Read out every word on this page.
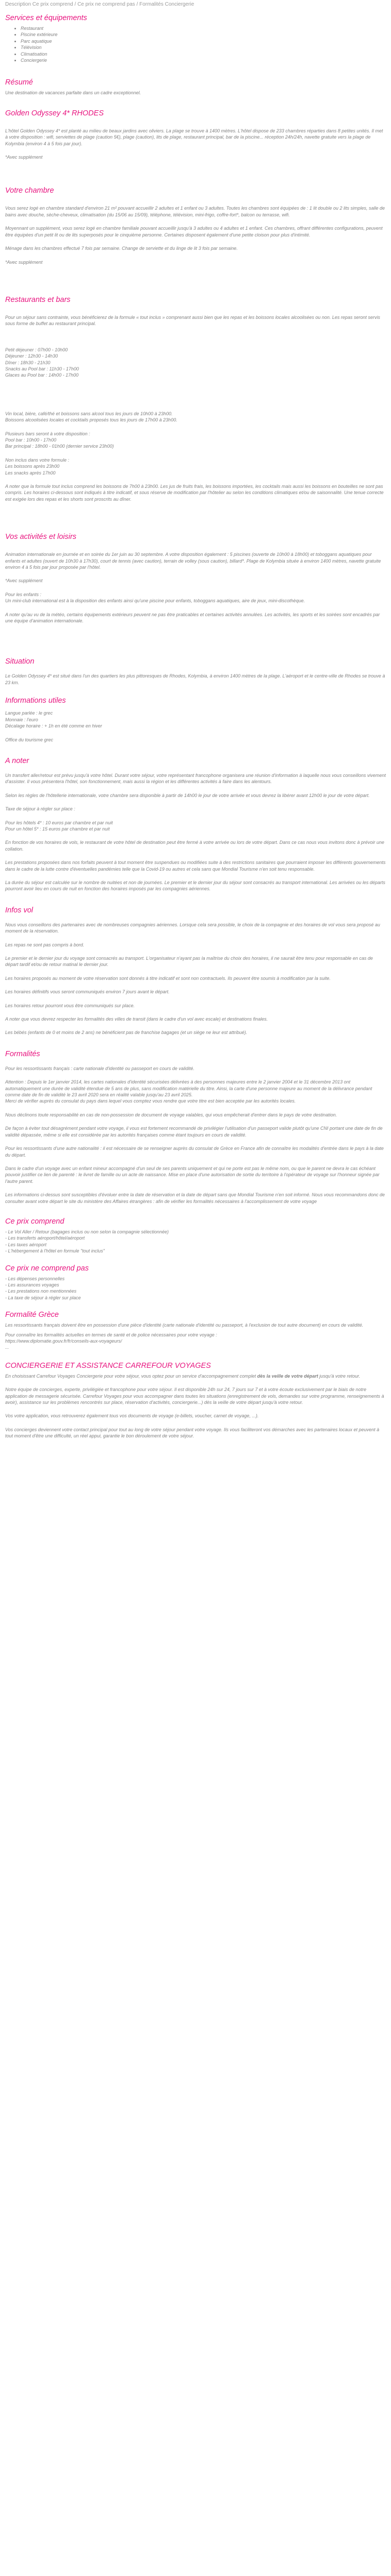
Description Ce prix comprend / Ce prix ne comprend pas / Formalités Conciergerie
Services et équipements
• Restaurant
• Piscine extérieure
• Parc aquatique
• Télévision
• Climatisation
• Conciergerie
Résumé

Une destination de vacances parfaite dans un cadre exceptionnel.

Golden Odyssey 4* RHODES

L'hôtel Golden Odyssey 4* est planté au milieu de beaux jardins avec oliviers. La plage se trouve à 1400 mètres. L'hôtel dispose de 233 chambres réparties dans 8 petites unités. Il met à votre disposition : wifi, serviettes de plage (caution 5€), plage (caution), lits de plage, restaurant principal, bar de la piscine... réception 24h/24h, navette gratuite vers la plage de Kolymbia (environ 4 à 5 fois par jour).

*Avec supplément

Votre chambre

Vous serez logé en chambre standard d'environ 21 m² pouvant accueillir 2 adultes et 1 enfant ou 3 adultes. Toutes les chambres sont équipées de : 1 lit double ou 2 lits simples, salle de bains avec douche, sèche-cheveux, climatisation (du 15/06 au 15/09), téléphone, télévision, mini-frigo, coffre-fort*, balcon ou terrasse, wifi.

Moyennant un supplément, vous serez logé en chambre familiale pouvant accueillir jusqu'à 3 adultes ou 4 adultes et 1 enfant. Ces chambres, offrant différentes configurations, peuvent être équipées d'un petit lit ou de lits superposés pour le cinquième personne. Certaines disposent également d'une petite cloison pour plus d'intimité.

Ménage dans les chambres effectué 7 fois par semaine. Change de serviette et du linge de lit 3 fois par semaine.

*Avec supplément

Restaurants et bars

Pour un séjour sans contrainte, vous bénéficierez de la formule « tout inclus » comprenant aussi bien que les repas et les boissons locales alcoolisées ou non. Les repas seront servis sous forme de buffet au restaurant principal.

Petit déjeuner : 07h00 - 10h00

Déjeuner : 12h30 - 14h30

Dîner : 18h30 - 21h30

Snacks au Pool bar : 11h30 - 17h00

Glaces au Pool bar : 14h00 - 17h00

Vin local, bière, café/thé et boissons sans alcool tous les jours de 10h00 à 23h00.

Boissons alcoolisées locales et cocktails proposés tous les jours de 17h00 à 23h00.

Plusieurs bars seront à votre disposition :

Pool bar : 10h00 - 17h00

Bar principal : 18h00 - 01h00 (dernier service 23h00)

Non inclus dans votre formule :

Les boissons après 23h00

Les snacks après 17h00

A noter que la formule tout inclus comprend les boissons de 7h00 à 23h00. Les jus de fruits frais, les boissons importées, les cocktails mais aussi les boissons en bouteilles ne sont pas compris. Les horaires ci-dessous sont indiqués à titre indicatif, et sous réserve de modification par l'hôtelier au selon les conditions climatiques et/ou de saisonnalité. Une tenue correcte est exigée lors des repas et les shorts sont proscrits au dîner.

Vos activités et loisirs

Animation internationale en journée et en soirée du 1er juin au 30 septembre. A votre disposition également : 5 piscines (ouverte de 10h00 à 18h00) et toboggans aquatiques pour enfants et adultes (ouvert de 10h30 à 17h30), court de tennis (avec caution), terrain de volley (sous caution), billard*. Plage de Kolymbia située à environ 1400 mètres, navette gratuite environ 4 à 5 fois par jour proposée par l'hôtel.

*Avec supplément

Pour les enfants :

Un mini-club international est à la disposition des enfants ainsi qu'une piscine pour enfants, toboggans aquatiques, aire de jeux, mini-discothèque.

A noter qu'au vu de la météo, certains équipements extérieurs peuvent ne pas être praticables et certaines activités annulées. Les activités, les sports et les soirées sont encadrés par une équipe d'animation internationale.

Situation

Le Golden Odyssey 4* est situé dans l'un des quartiers les plus pittoresques de Rhodes, Kolymbia, à environ 1400 mètres de la plage. L'aéroport et le centre-ville de Rhodes se trouve à 23 km.

Informations utiles

Langue parlée : le grec

Monnaie : l'euro

Décalage horaire : + 1h en été comme en hiver

Office du tourisme grec

A noter

Un transfert aller/retour est prévu jusqu'à votre hôtel. Durant votre séjour, votre représentant francophone organisera une réunion d'information à laquelle nous vous conseillons vivement d'assister. Il vous présentera l'hôtel, son fonctionnement, mais aussi la région et les différentes activités à faire dans les alentours.

Selon les règles de l'hôtellerie internationale, votre chambre sera disponible à partir de 14h00 le jour de votre arrivée et vous devrez la libérer avant 12h00 le jour de votre départ.

Taxe de séjour à régler sur place :

Pour les hôtels 4* : 10 euros par chambre et par nuit

Pour un hôtel 5* : 15 euros par chambre et par nuit

En fonction de vos horaires de vols, le restaurant de votre hôtel de destination peut être fermé à votre arrivée ou lors de votre départ. Dans ce cas nous vous invitons donc à prévoir une collation.

Les prestations proposées dans nos forfaits peuvent à tout moment être suspendues ou modifiées suite à des restrictions sanitaires que pourraient imposer les différents gouvernements dans le cadre de la lutte contre d'éventuelles pandémies telle que la Covid-19 ou autres et cela sans que Mondial Tourisme n'en soit tenu responsable.

La durée du séjour est calculée sur le nombre de nuitées et non de journées. Le premier et le dernier jour du séjour sont consacrés au transport international. Les arrivées ou les départs pourront avoir lieu en cours de nuit en fonction des horaires imposés par les compagnies aériennes.

Infos vol

Nous vous conseillons des partenaires avec de nombreuses compagnies aériennes. Lorsque cela sera possible, le choix de la compagnie et des horaires de vol vous sera proposé au moment de la réservation.

Les repas ne sont pas compris à bord.

Le premier et le dernier jour du voyage sont consacrés au transport. L'organisateur n'ayant pas la maîtrise du choix des horaires, il ne saurait être tenu pour responsable en cas de départ tardif et/ou de retour matinal le dernier jour.

Les horaires proposés au moment de votre réservation sont donnés à titre indicatif et sont non contractuels. Ils peuvent être soumis à modification par la suite.

Les horaires définitifs vous seront communiqués environ 7 jours avant le départ.

Les horaires retour pourront vous être communiqués sur place.

A noter que vous devrez respecter les formalités des villes de transit (dans le cadre d'un vol avec escale) et destinations finales.

Les bébés (enfants de 0 et moins de 2 ans) ne bénéficient pas de franchise bagages (et un siège ne leur est attribué).

Formalités

Pour les ressortissants français : carte nationale d'identité ou passeport en cours de validité.

Attention : Depuis le 1er janvier 2014, les cartes nationales d'identité sécurisées délivrées à des personnes majeures entre le 2 janvier 2004 et le 31 décembre 2013 ont automatiquement une durée de validité étendue de 5 ans de plus, sans modification matérielle du titre. Ainsi, la carte d'une personne majeure au moment de la délivrance pendant comme date de fin de validité le 23 avril 2020 sera en réalité valable jusqu'au 23 avril 2025.

Merci de vérifier auprès du consulat du pays dans lequel vous comptez vous rendre que votre titre est bien acceptée par les autorités locales.

Nous déclinons toute responsabilité en cas de non-possession de document de voyage valables, qui vous empêcherait d'entrer dans le pays de votre destination.

De façon à éviter tout désagrément pendant votre voyage, il vous est fortement recommandé de privilégier l'utilisation d'un passeport valide plutôt qu'une CNI portant une date de fin de validité dépassée, même si elle est considérée par les autorités françaises comme étant toujours en cours de validité.

Pour les ressortissants d'une autre nationalité : il est nécessaire de se renseigner auprès du consulat de Grèce en France afin de connaître les modalités d'entrée dans le pays à la date du départ.

Dans le cadre d'un voyage avec un enfant mineur accompagné d'un seul de ses parents uniquement et qui ne porte est pas le même nom, ou que le parent ne devra le cas échéant pouvoir justifier ce lien de parenté : le livret de famille ou un acte de naissance. Mise en place d'une autorisation de sortie du territoire à l'opérateur de voyage sur l'honneur signée par l'autre parent.

Les informations ci-dessus sont susceptibles d'évoluer entre la date de réservation et la date de départ sans que Mondial Tourisme n'en soit informé. Nous vous recommandons donc de consulter avant votre départ le site du ministère des Affaires étrangères : afin de vérifier les formalités nécessaires à l'accomplissement de votre voyage

Ce prix comprend

- Le Vol Aller / Retour (bagages inclus ou non selon la compagnie sélectionnée)

- Les transferts aéroport/hôtel/aéroport

- Les taxes aéroport

- L'hébergement à l'hôtel en formule "tout inclus"

Ce prix ne comprend pas

- Les dépenses personnelles

- Les assurances voyages

- Les prestations non mentionnées

- La taxe de séjour à régler sur place

Formalité Grèce

Les ressortissants français doivent être en possession d'une pièce d'identité (carte nationale d'identité ou passeport, à l'exclusion de tout autre document) en cours de validité.

Pour connaître les formalités actuelles en termes de santé et de police nécessaires pour votre voyage :

https://www.diplomatie.gouv.fr/fr/conseils-aux-voyageurs/

...

CONCIERGERIE ET ASSISTANCE CARREFOUR VOYAGES

En choisissant Carrefour Voyages Conciergerie pour votre séjour, vous optez pour un service d'accompagnement complet dès la veille de votre départ jusqu'à votre retour.

Notre équipe de concierges, experte, privilégiée et francophone pour votre séjour. Il est disponible 24h sur 24, 7 jours sur 7 et à votre écoute exclusivement par le biais de notre application de messagerie sécurisée. Carrefour Voyages pour vous accompagner dans toutes les situations (enregistrement de vols, demandes sur votre programme, renseignements à avoir), assistance sur les problèmes rencontrés sur place, réservation d'activités, conciergerie...) dès la veille de votre départ jusqu'à votre retour.

Vos votre application, vous retrouverez également tous vos documents de voyage (e-billets, voucher, carnet de voyage, ...).

Vos concierges deviennent votre contact principal pour tout au long de votre séjour pendant votre voyage. Ils vous faciliteront vos démarches avec les partenaires locaux et peuvent à tout moment d'être une difficulté, un réel appui, garantie le bon déroulement de votre séjour.
